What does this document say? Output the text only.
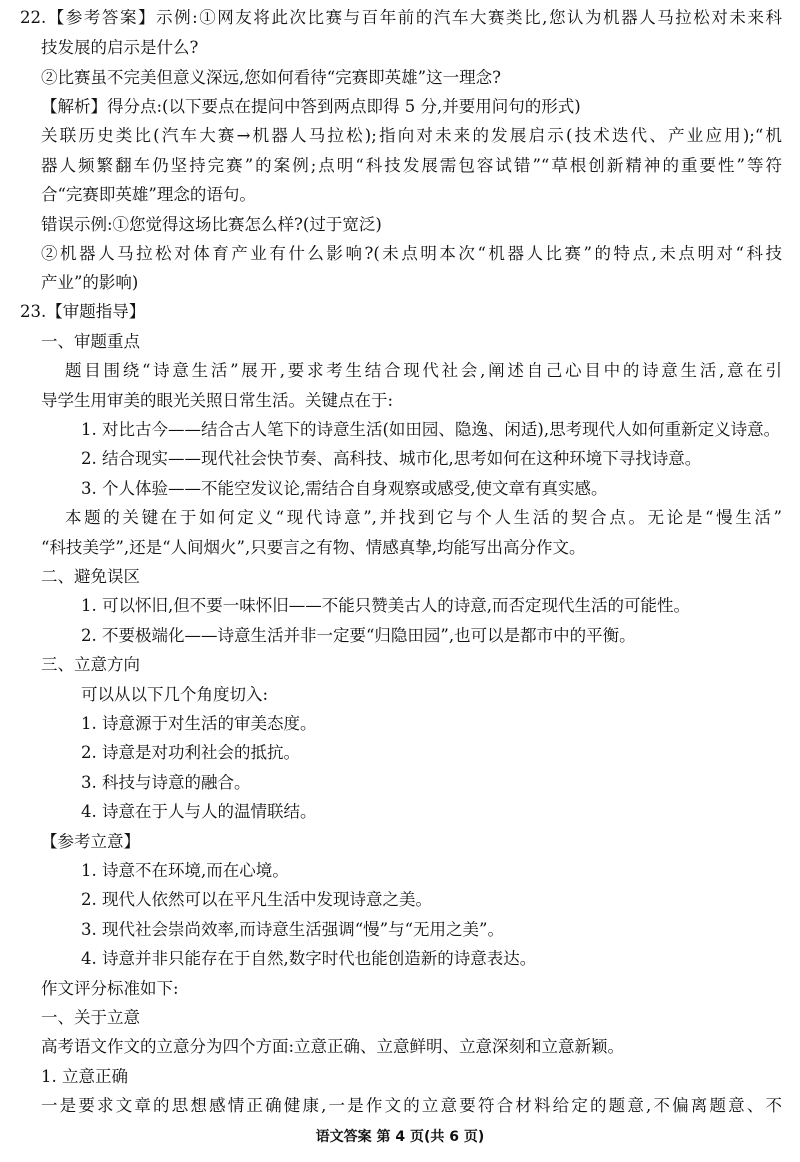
22.【参考答案】示例:①网友将此次比赛与百年前的汽车大赛类比,您认为机器人马拉松对未来科
技发展的启示是什么?
②比赛虽不完美但意义深远,您如何看待“完赛即英雄”这一理念?
【解析】得分点:(以下要点在提问中答到两点即得 5 分,并要用问句的形式)
关联历史类比(汽车大赛→机器人马拉松);指向对未来的发展启示(技术迭代、产业应用);“机
器人频繁翻车仍坚持完赛”的案例;点明“科技发展需包容试错”“草根创新精神的重要性”等符
合“完赛即英雄”理念的语句。
错误示例:①您觉得这场比赛怎么样?(过于宽泛)
②机器人马拉松对体育产业有什么影响?(未点明本次“机器人比赛”的特点,未点明对“科技
产业”的影响)
23.【审题指导】
一、审题重点
题目围绕“诗意生活”展开,要求考生结合现代社会,阐述自己心目中的诗意生活,意在引
导学生用审美的眼光关照日常生活。关键点在于:
1. 对比古今——结合古人笔下的诗意生活(如田园、隐逸、闲适),思考现代人如何重新定义诗意。
2. 结合现实——现代社会快节奏、高科技、城市化,思考如何在这种环境下寻找诗意。
3. 个人体验——不能空发议论,需结合自身观察或感受,使文章有真实感。
本题的关键在于如何定义“现代诗意”,并找到它与个人生活的契合点。无论是“慢生活”
“科技美学”,还是“人间烟火”,只要言之有物、情感真挚,均能写出高分作文。
二、避免误区
1. 可以怀旧,但不要一味怀旧——不能只赞美古人的诗意,而否定现代生活的可能性。
2. 不要极端化——诗意生活并非一定要“归隐田园”,也可以是都市中的平衡。
三、立意方向
可以从以下几个角度切入:
1. 诗意源于对生活的审美态度。
2. 诗意是对功利社会的抵抗。
3. 科技与诗意的融合。
4. 诗意在于人与人的温情联结。
【参考立意】
1. 诗意不在环境,而在心境。
2. 现代人依然可以在平凡生活中发现诗意之美。
3. 现代社会崇尚效率,而诗意生活强调“慢”与“无用之美”。
4. 诗意并非只能存在于自然,数字时代也能创造新的诗意表达。
作文评分标准如下:
一、关于立意
高考语文作文的立意分为四个方面:立意正确、立意鲜明、立意深刻和立意新颖。
1. 立意正确
一是要求文章的思想感情正确健康,一是作文的立意要符合材料给定的题意,不偏离题意、不
语文答案 第 4 页(共 6 页)
